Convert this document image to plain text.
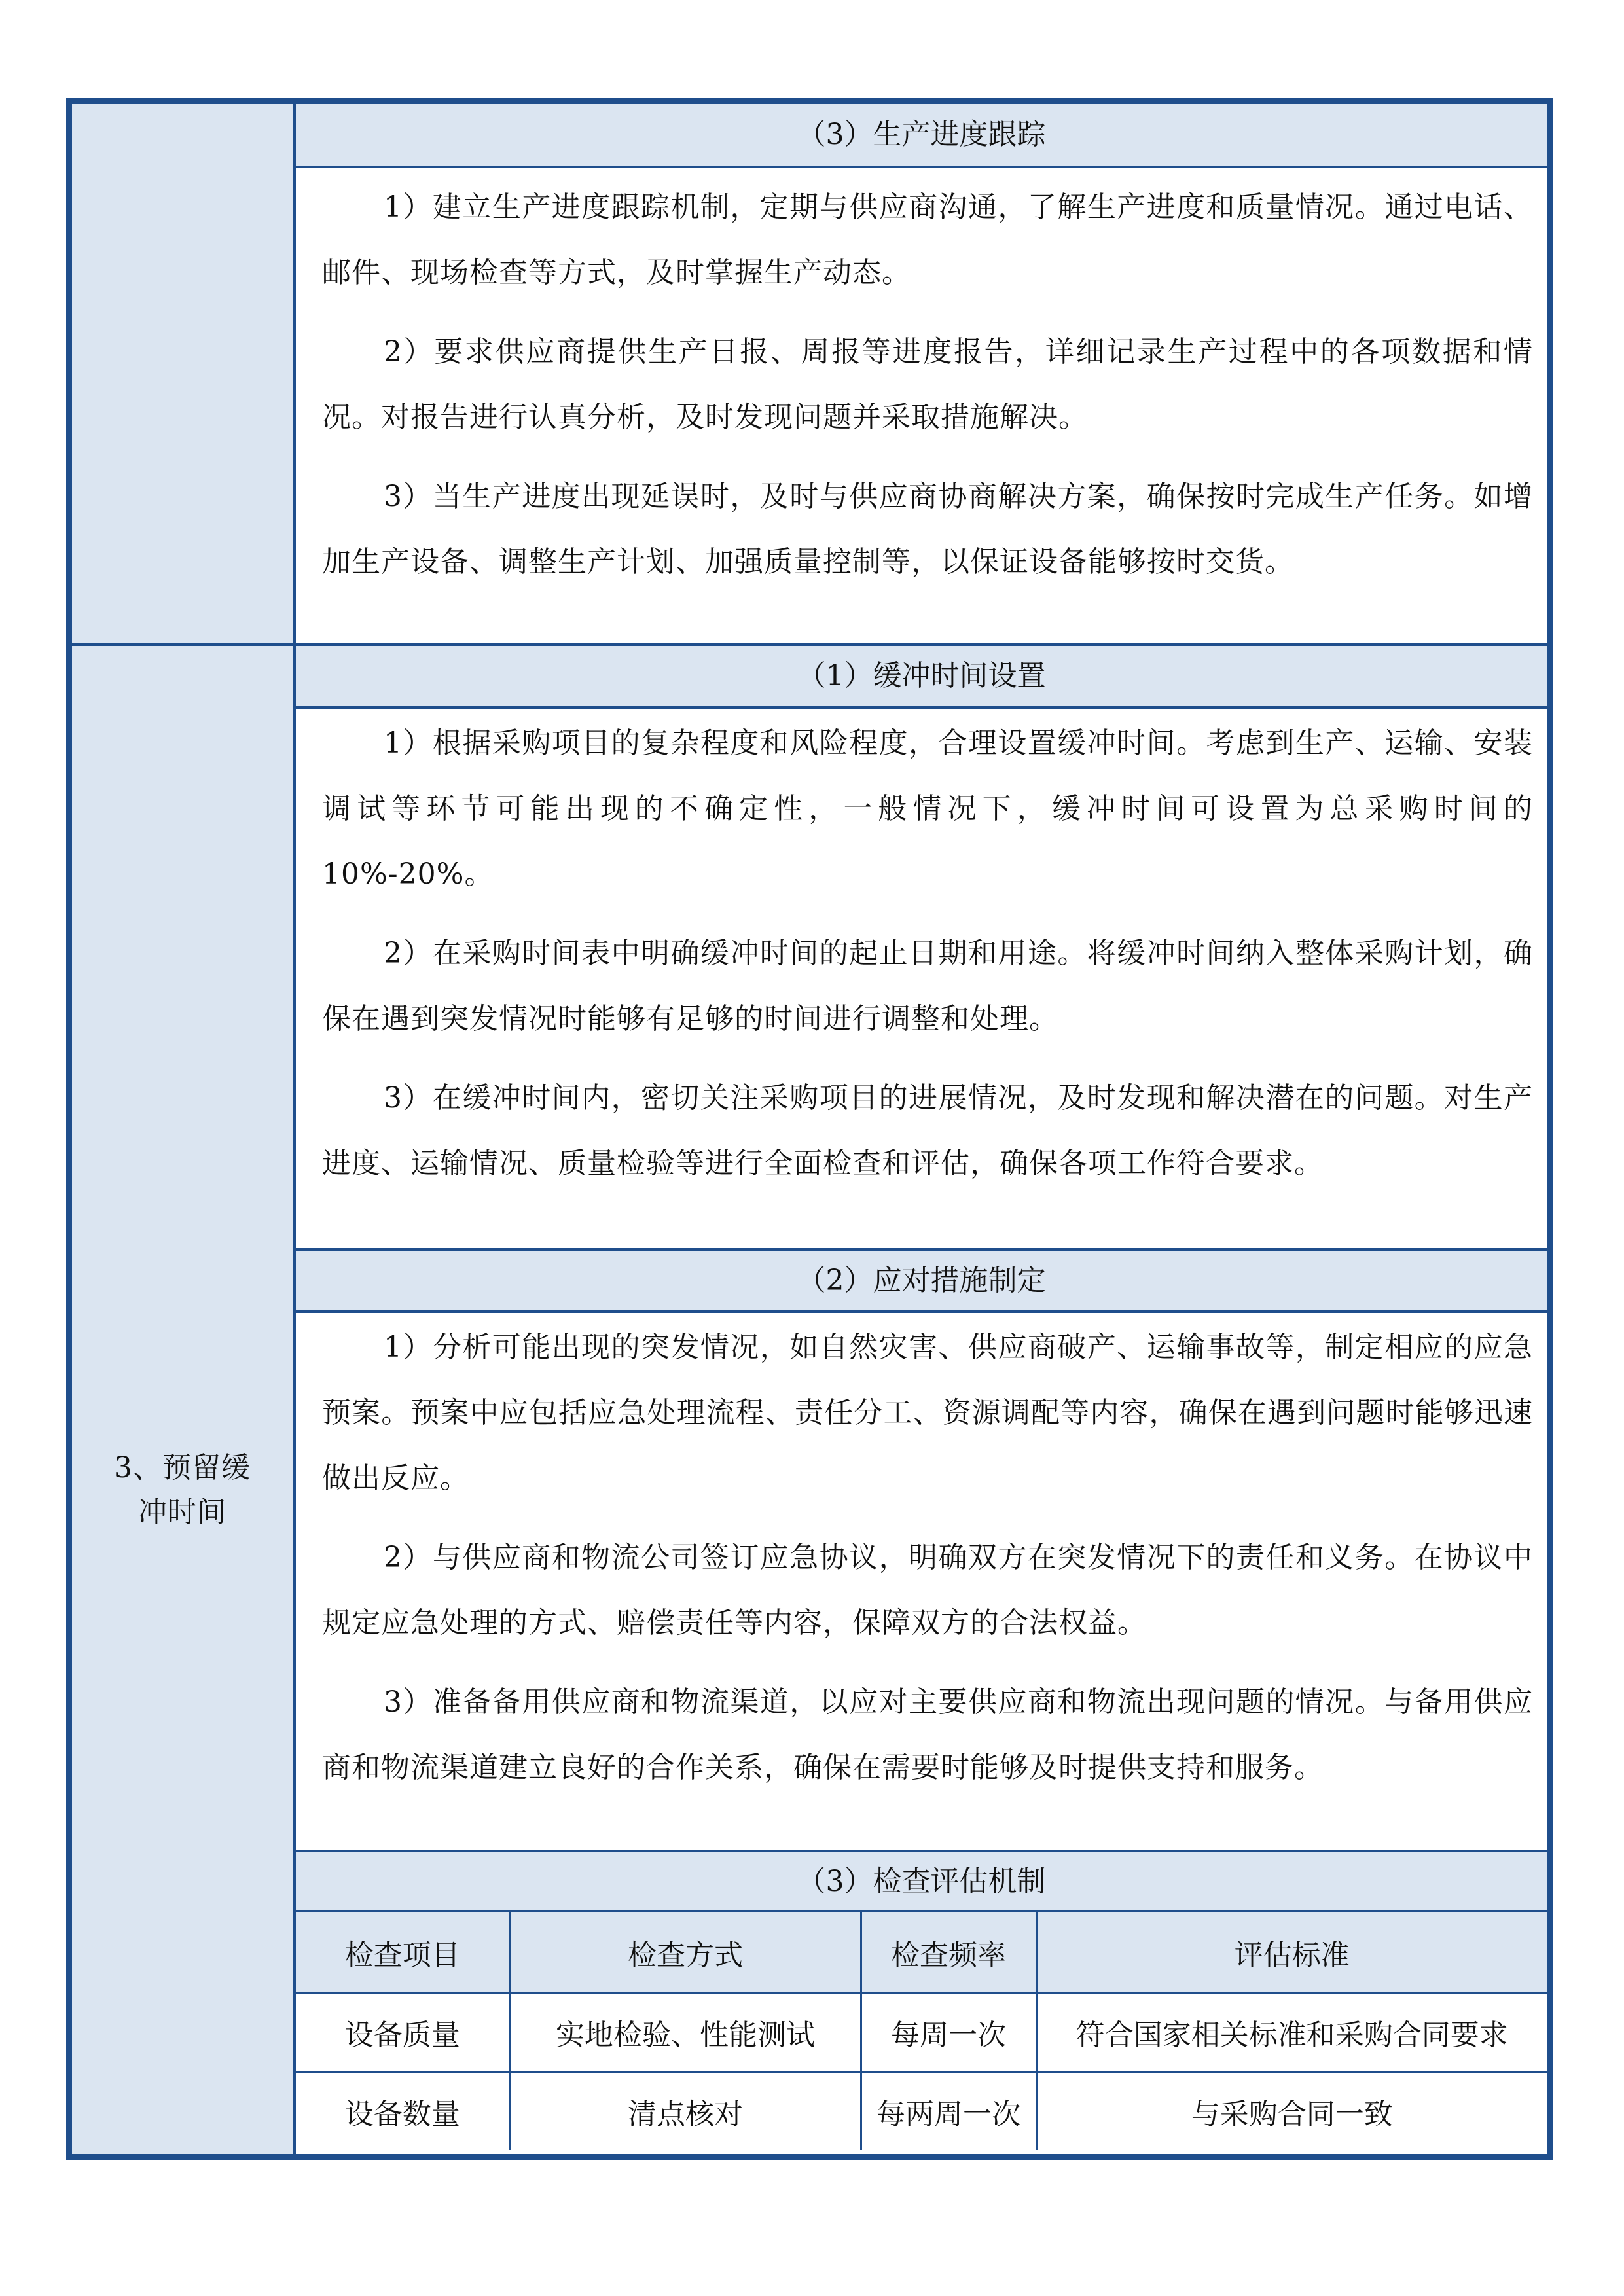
3、预留缓冲时间
（3）生产进度跟踪

1）建立生产进度跟踪机制，定期与供应商沟通，了解生产进度和质量情况。通过电话、邮件、现场检查等方式，及时掌握生产动态。

2）要求供应商提供生产日报、周报等进度报告，详细记录生产过程中的各项数据和情况。对报告进行认真分析，及时发现问题并采取措施解决。

3）当生产进度出现延误时，及时与供应商协商解决方案，确保按时完成生产任务。如增加生产设备、调整生产计划、加强质量控制等，以保证设备能够按时交货。

（1）缓冲时间设置

1）根据采购项目的复杂程度和风险程度，合理设置缓冲时间。考虑到生产、运输、安装调试等环节可能出现的不确定性，一般情况下，缓冲时间可设置为总采购时间的 10%-20%。

2）在采购时间表中明确缓冲时间的起止日期和用途。将缓冲时间纳入整体采购计划，确保在遇到突发情况时能够有足够的时间进行调整和处理。

3）在缓冲时间内，密切关注采购项目的进展情况，及时发现和解决潜在的问题。对生产进度、运输情况、质量检验等进行全面检查和评估，确保各项工作符合要求。

（2）应对措施制定

1）分析可能出现的突发情况，如自然灾害、供应商破产、运输事故等，制定相应的应急预案。预案中应包括应急处理流程、责任分工、资源调配等内容，确保在遇到问题时能够迅速做出反应。

2）与供应商和物流公司签订应急协议，明确双方在突发情况下的责任和义务。在协议中规定应急处理的方式、赔偿责任等内容，保障双方的合法权益。

3）准备备用供应商和物流渠道，以应对主要供应商和物流出现问题的情况。与备用供应商和物流渠道建立良好的合作关系，确保在需要时能够及时提供支持和服务。

（3）检查评估机制
检查项目	检查方式	检查频率	评估标准
设备质量	实地检验、性能测试	每周一次	符合国家相关标准和采购合同要求
设备数量	清点核对	每两周一次	与采购合同一致
